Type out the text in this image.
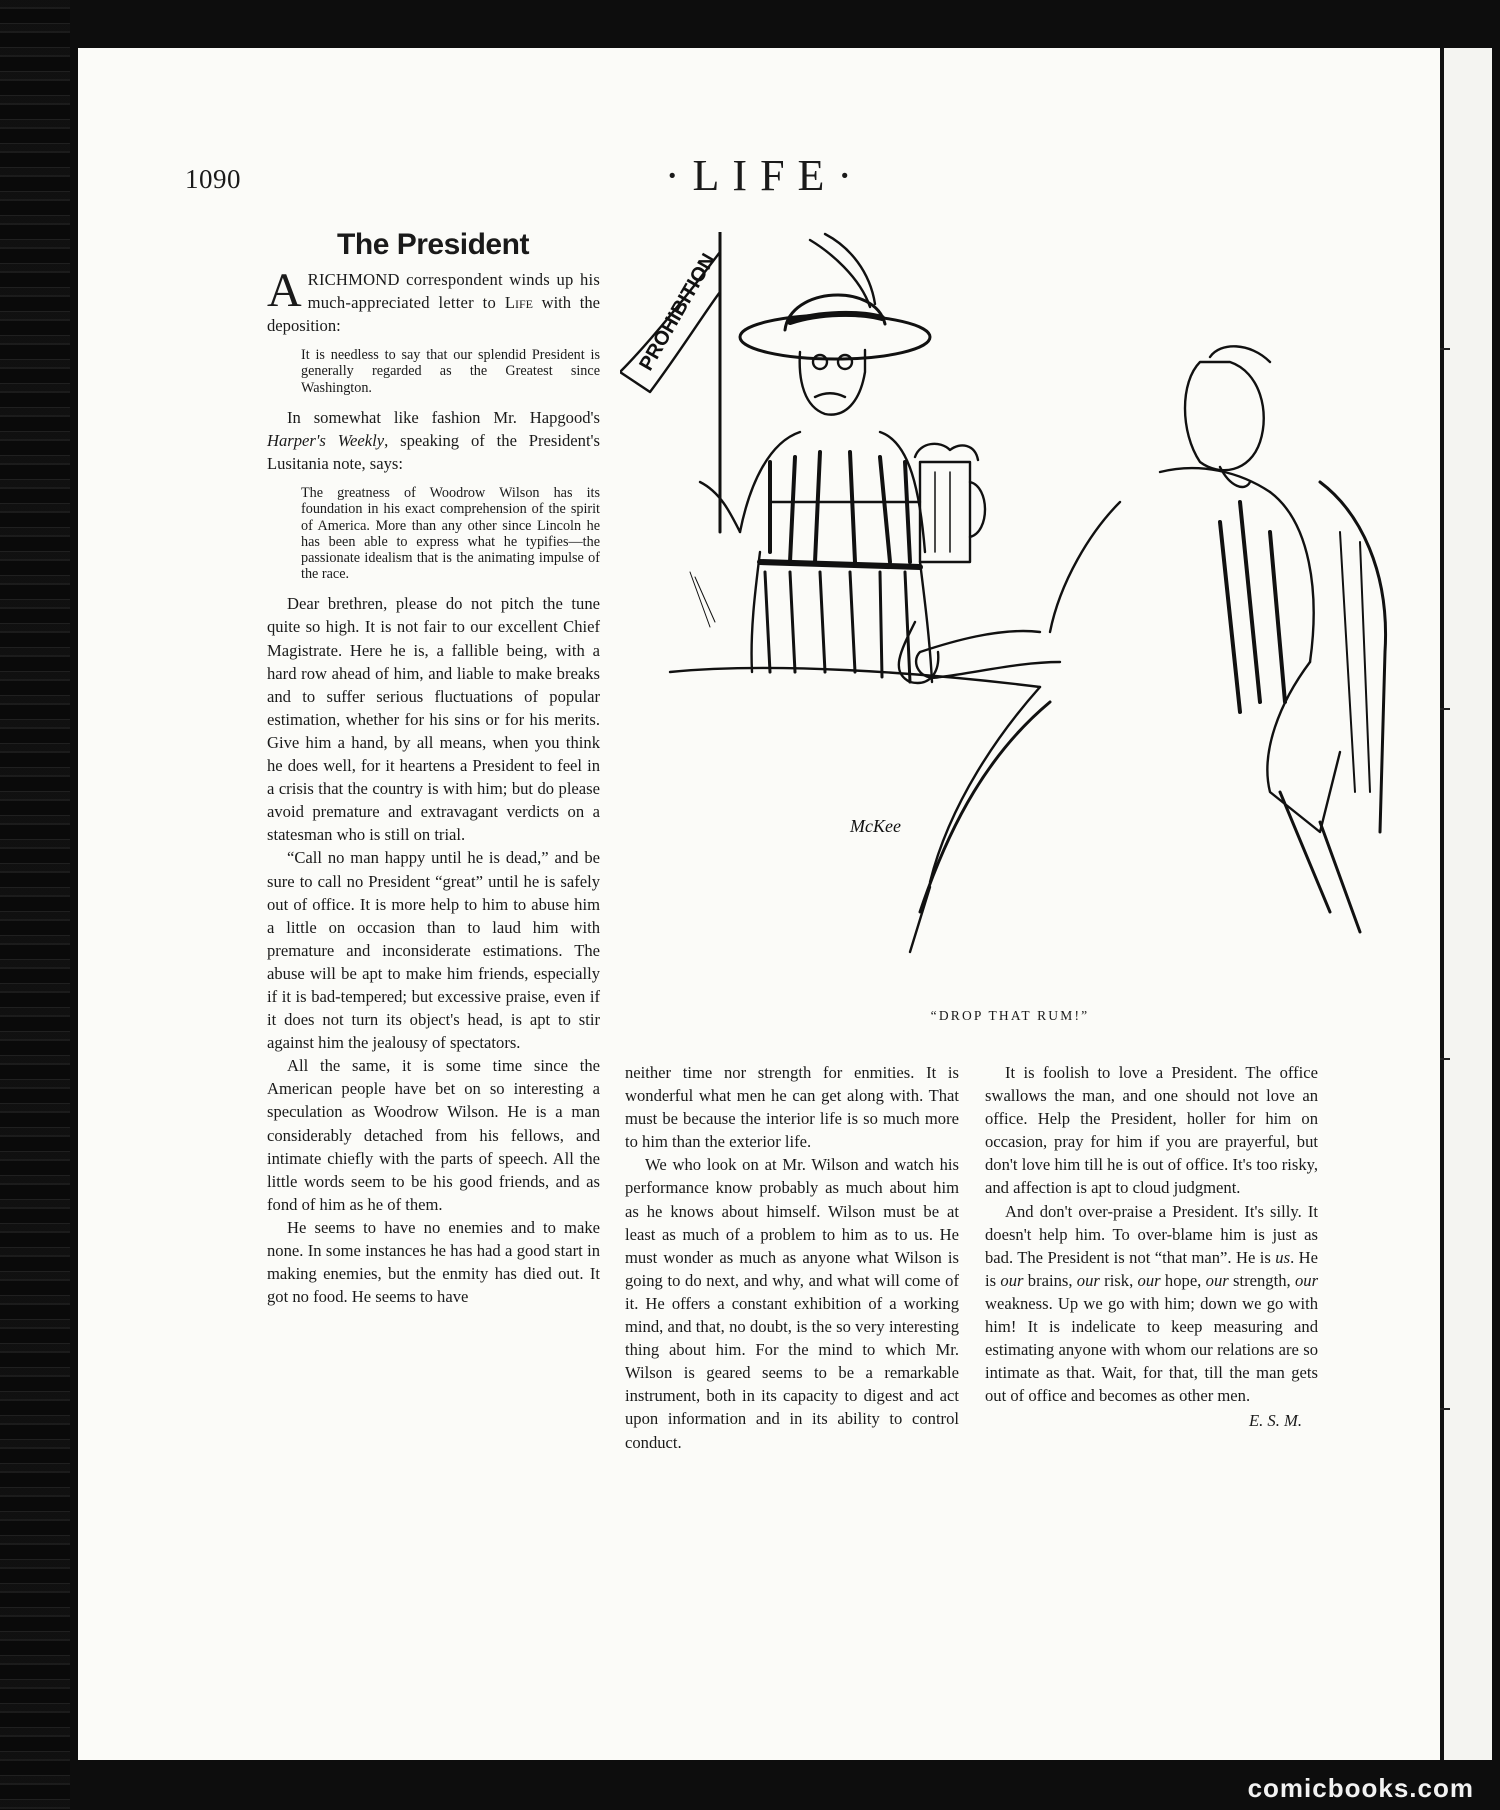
1090	·LIFE·
The President

A RICHMOND correspondent winds up his much-appreciated letter to Life with the deposition:

It is needless to say that our splendid President is generally regarded as the Greatest since Washington.

In somewhat like fashion Mr. Hapgood's Harper's Weekly, speaking of the President's Lusitania note, says:

The greatness of Woodrow Wilson has its foundation in his exact comprehension of the spirit of America. More than any other since Lincoln he has been able to express what he typifies—the passionate idealism that is the animating impulse of the race.

Dear brethren, please do not pitch the tune quite so high. It is not fair to our excellent Chief Magistrate. Here he is, a fallible being, with a hard row ahead of him, and liable to make breaks and to suffer serious fluctuations of popular estimation, whether for his sins or for his merits. Give him a hand, by all means, when you think he does well, for it heartens a President to feel in a crisis that the country is with him; but do please avoid premature and extravagant verdicts on a statesman who is still on trial.

“Call no man happy until he is dead,” and be sure to call no President “great” until he is safely out of office. It is more help to him to abuse him a little on occasion than to laud him with premature and inconsiderate estimations. The abuse will be apt to make him friends, especially if it is bad-tempered; but excessive praise, even if it does not turn its object's head, is apt to stir against him the jealousy of spectators.

All the same, it is some time since the American people have bet on so interesting a speculation as Woodrow Wilson. He is a man considerably detached from his fellows, and intimate chiefly with the parts of speech. All the little words seem to be his good friends, and as fond of him as he of them.

He seems to have no enemies and to make none. In some instances he has had a good start in making enemies, but the enmity has died out. It got no food. He seems to have

neither time nor strength for enmities. It is wonderful what men he can get along with. That must be because the interior life is so much more to him than the exterior life.

We who look on at Mr. Wilson and watch his performance know probably as much about him as he knows about himself. Wilson must be at least as much of a problem to him as to us. He must wonder as much as anyone what Wilson is going to do next, and why, and what will come of it. He offers a constant exhibition of a working mind, and that, no doubt, is the so very interesting thing about him. For the mind to which Mr. Wilson is geared seems to be a remarkable instrument, both in its capacity to digest and act upon information and in its ability to control conduct.

It is foolish to love a President. The office swallows the man, and one should not love an office. Help the President, holler for him on occasion, pray for him if you are prayerful, but don't love him till he is out of office. It's too risky, and affection is apt to cloud judgment.

And don't over-praise a President. It's silly. It doesn't help him. To over-blame him is just as bad. The President is not “that man”. He is us. He is our brains, our risk, our hope, our strength, our weakness. Up we go with him; down we go with him! It is indelicate to keep measuring and estimating anyone with whom our relations are so intimate as that. Wait, for that, till the man gets out of office and becomes as other men.

E. S. M.
PROHIBITION
McKee
“DROP THAT RUM!”
comicbooks.com
